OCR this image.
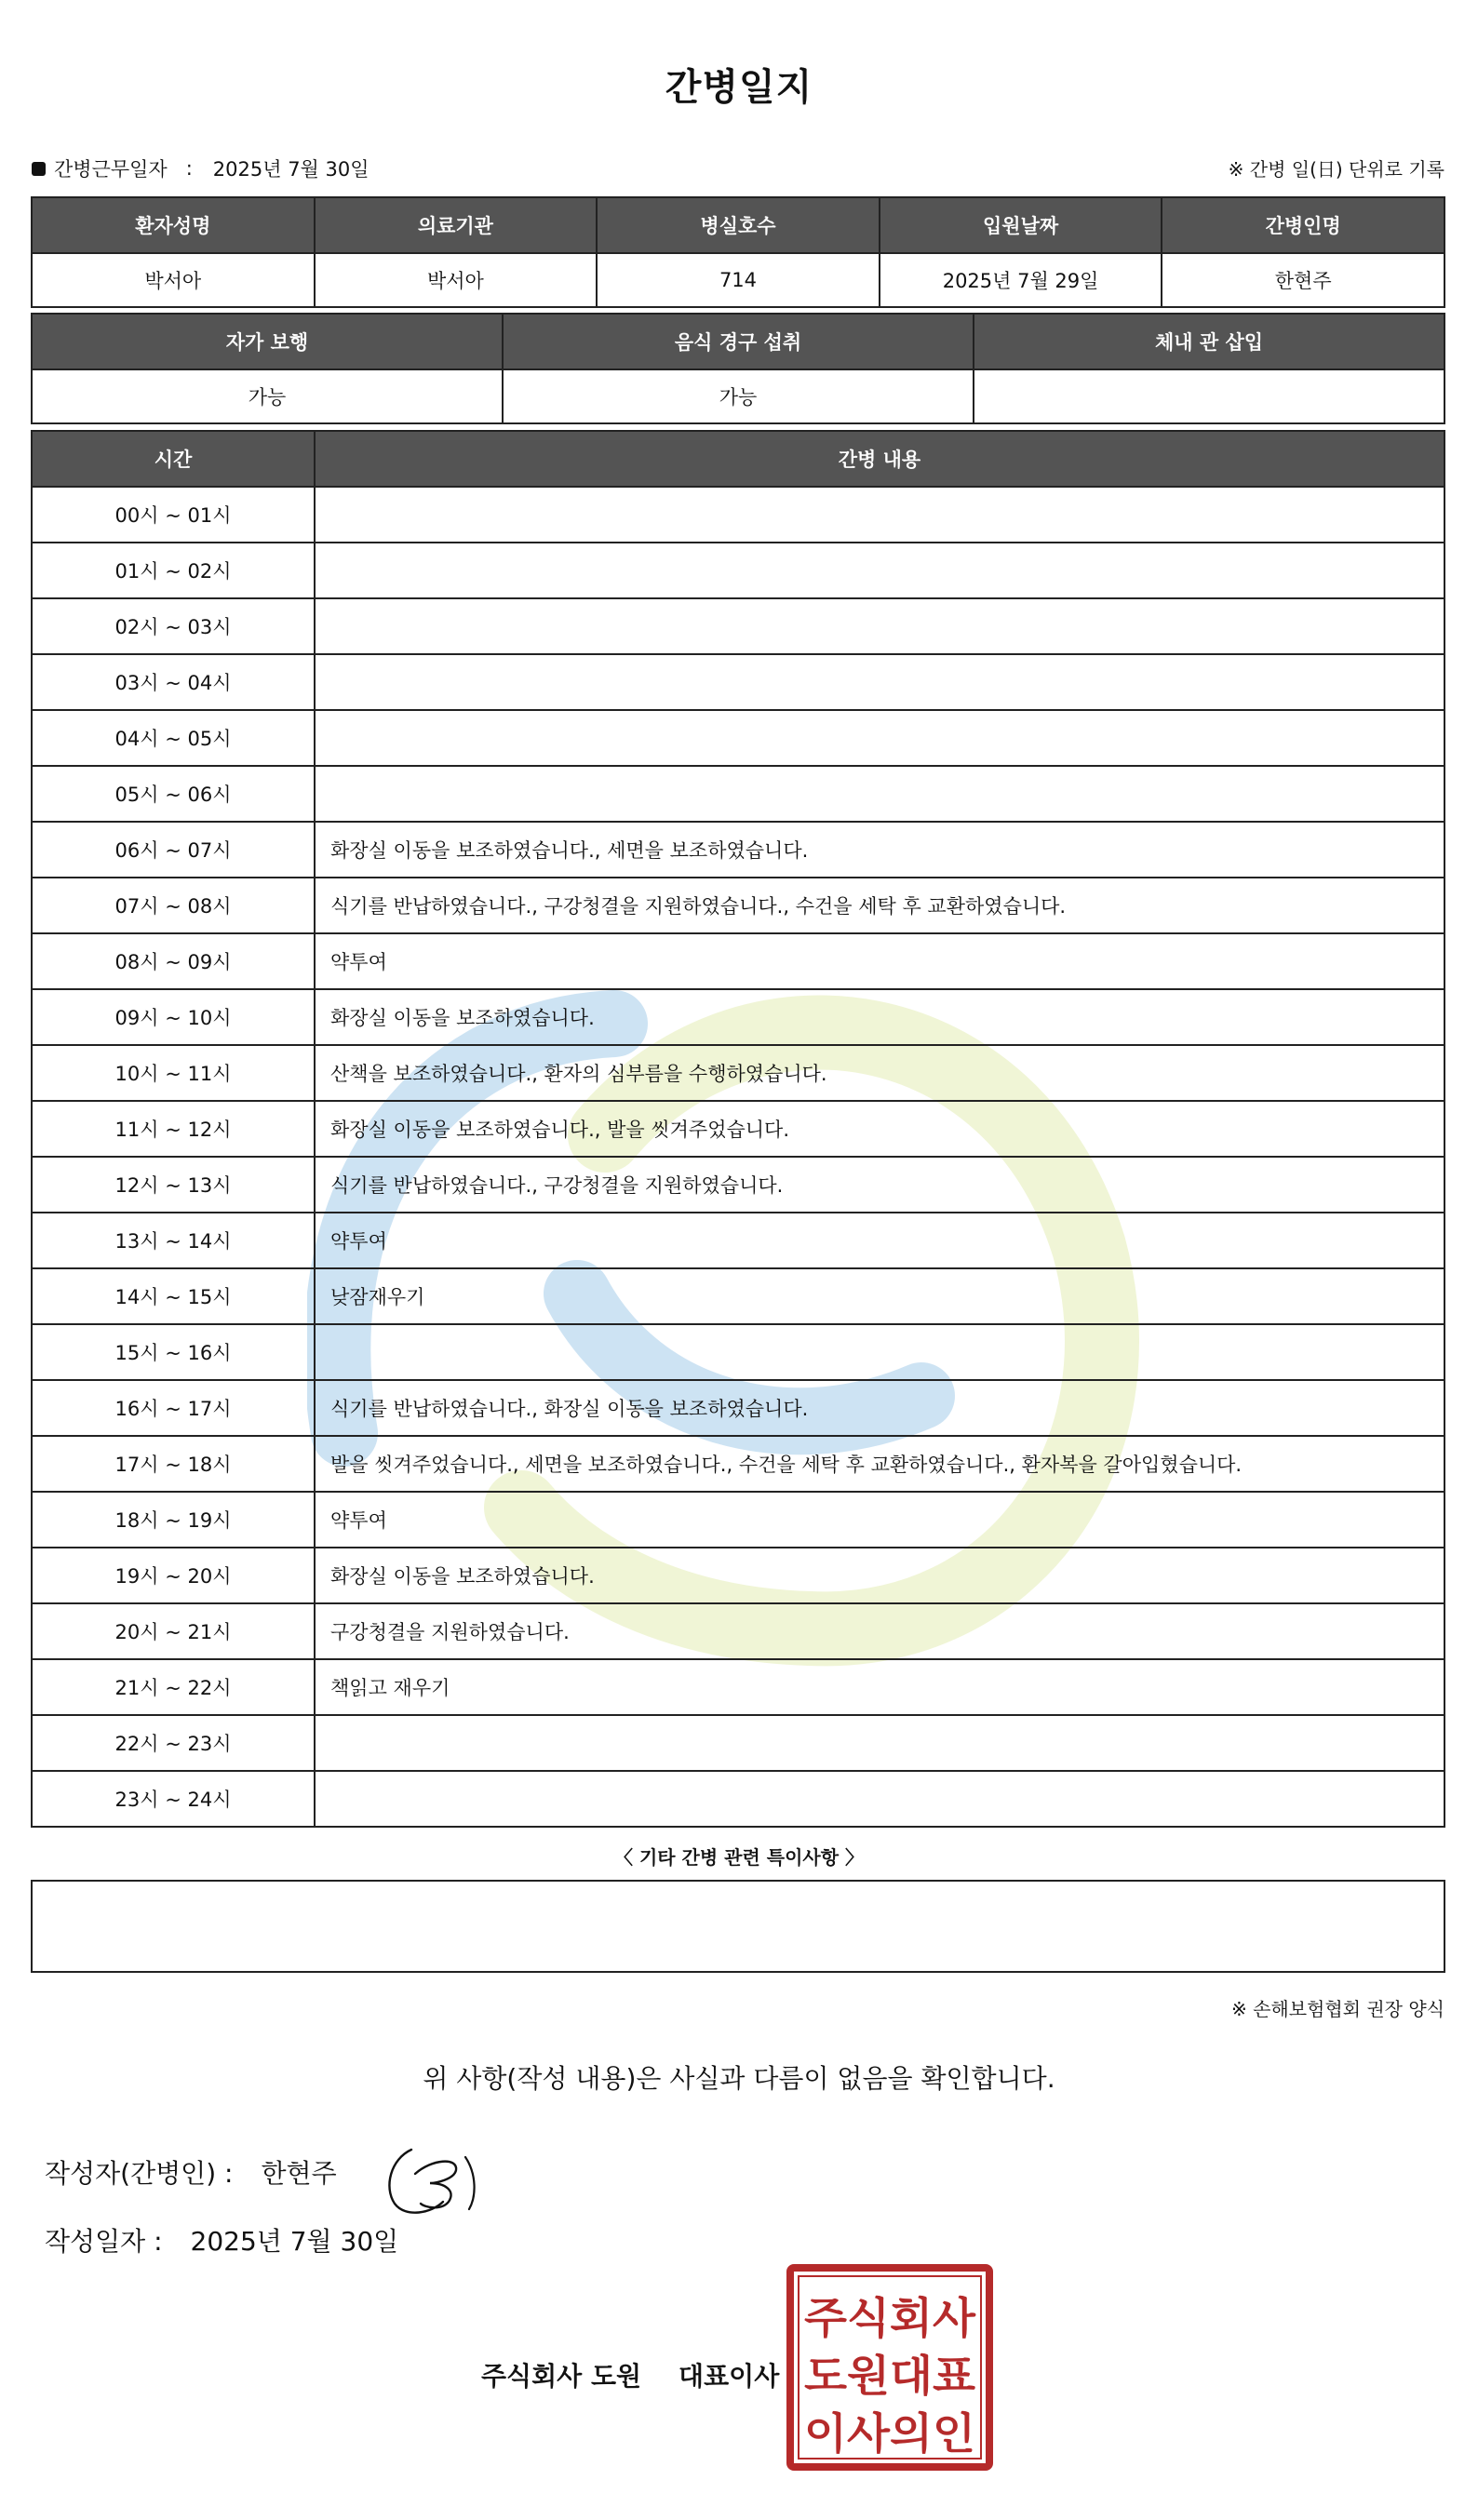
간병일지
간병근무일자 : 2025년 7월 30일	※ 간병 일(日) 단위로 기록
환자성명	의료기관	병실호수	입원날짜	간병인명
박서아	박서아	714	2025년 7월 29일	한현주
자가 보행	음식 경구 섭취	체내 관 삽입
가능	가능	
시간	간병 내용
00시 ~ 01시	
01시 ~ 02시	
02시 ~ 03시	
03시 ~ 04시	
04시 ~ 05시	
05시 ~ 06시	
06시 ~ 07시	화장실 이동을 보조하였습니다., 세면을 보조하였습니다.
07시 ~ 08시	식기를 반납하였습니다., 구강청결을 지원하였습니다., 수건을 세탁 후 교환하였습니다.
08시 ~ 09시	약투여
09시 ~ 10시	화장실 이동을 보조하였습니다.
10시 ~ 11시	산책을 보조하였습니다., 환자의 심부름을 수행하였습니다.
11시 ~ 12시	화장실 이동을 보조하였습니다., 발을 씻겨주었습니다.
12시 ~ 13시	식기를 반납하였습니다., 구강청결을 지원하였습니다.
13시 ~ 14시	약투여
14시 ~ 15시	낮잠재우기
15시 ~ 16시	
16시 ~ 17시	식기를 반납하였습니다., 화장실 이동을 보조하였습니다.
17시 ~ 18시	발을 씻겨주었습니다., 세면을 보조하였습니다., 수건을 세탁 후 교환하였습니다., 환자복을 갈아입혔습니다.
18시 ~ 19시	약투여
19시 ~ 20시	화장실 이동을 보조하였습니다.
20시 ~ 21시	구강청결을 지원하였습니다.
21시 ~ 22시	책읽고 재우기
22시 ~ 23시	
23시 ~ 24시	
〈 기타 간병 관련 특이사항 〉
※ 손해보험협회 권장 양식
위 사항(작성 내용)은 사실과 다름이 없음을 확인합니다.
작성자(간병인) : 한현주
작성일자 : 2025년 7월 30일
주식회사 도원 대표이사
주식회사
도원대표
이사의인
